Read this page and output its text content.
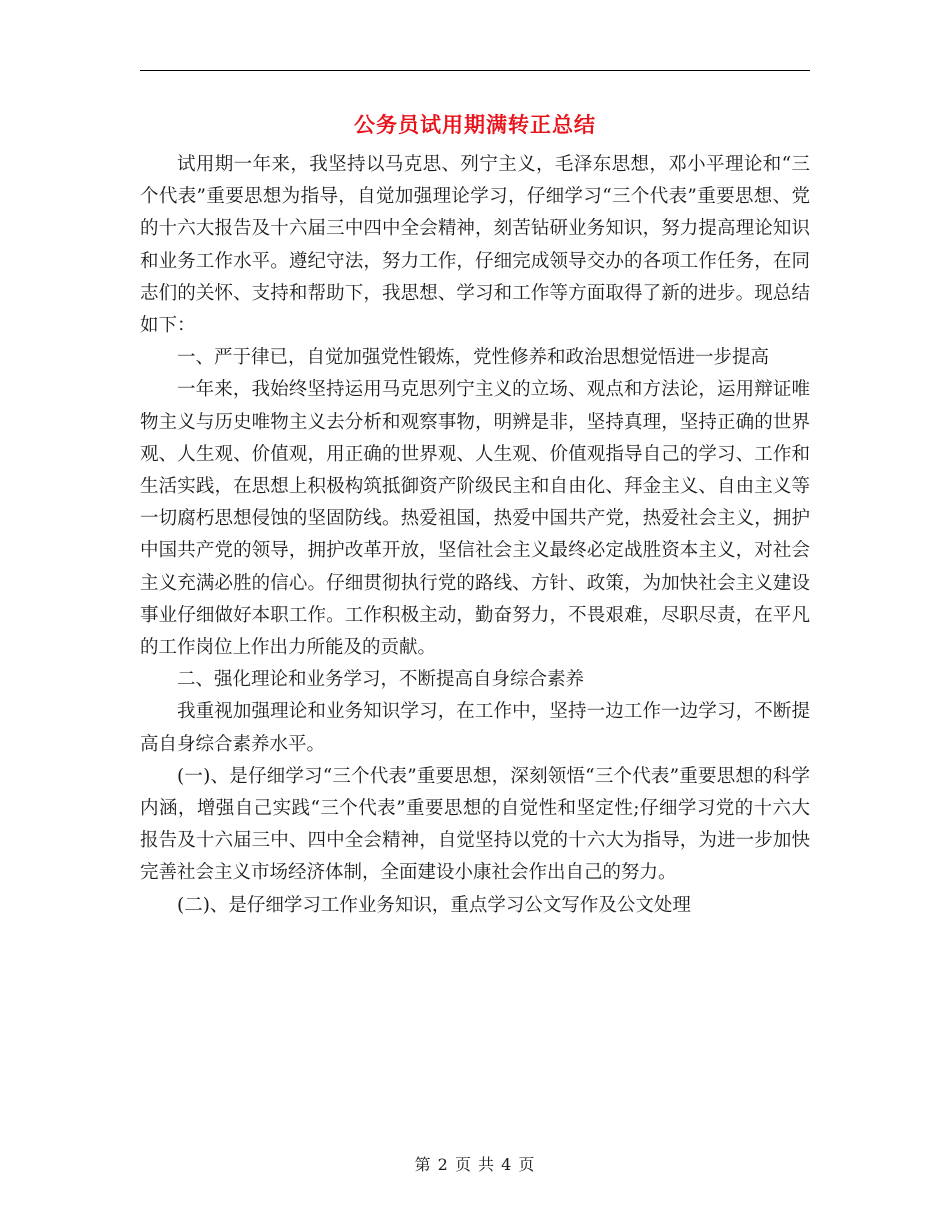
公务员试用期满转正总结

试用期一年来，我坚持以马克思、列宁主义，毛泽东思想，邓小平理论和“三个代表”重要思想为指导，自觉加强理论学习，仔细学习“三个代表”重要思想、党的十六大报告及十六届三中四中全会精神，刻苦钻研业务知识，努力提高理论知识和业务工作水平。遵纪守法，努力工作，仔细完成领导交办的各项工作任务，在同志们的关怀、支持和帮助下，我思想、学习和工作等方面取得了新的进步。现总结如下：

一、严于律已，自觉加强党性锻炼，党性修养和政治思想觉悟进一步提高

一年来，我始终坚持运用马克思列宁主义的立场、观点和方法论，运用辩证唯物主义与历史唯物主义去分析和观察事物，明辨是非，坚持真理，坚持正确的世界观、人生观、价值观，用正确的世界观、人生观、价值观指导自己的学习、工作和生活实践，在思想上积极构筑抵御资产阶级民主和自由化、拜金主义、自由主义等一切腐朽思想侵蚀的坚固防线。热爱祖国，热爱中国共产党，热爱社会主义，拥护中国共产党的领导，拥护改革开放，坚信社会主义最终必定战胜资本主义，对社会主义充满必胜的信心。仔细贯彻执行党的路线、方针、政策，为加快社会主义建设事业仔细做好本职工作。工作积极主动，勤奋努力，不畏艰难，尽职尽责，在平凡的工作岗位上作出力所能及的贡献。

二、强化理论和业务学习，不断提高自身综合素养

我重视加强理论和业务知识学习，在工作中，坚持一边工作一边学习，不断提高自身综合素养水平。

(一)、是仔细学习“三个代表”重要思想，深刻领悟“三个代表”重要思想的科学内涵，增强自己实践“三个代表”重要思想的自觉性和坚定性;仔细学习党的十六大报告及十六届三中、四中全会精神，自觉坚持以党的十六大为指导，为进一步加快完善社会主义市场经济体制，全面建设小康社会作出自己的努力。

(二)、是仔细学习工作业务知识，重点学习公文写作及公文处理

第 2 页 共 4 页
